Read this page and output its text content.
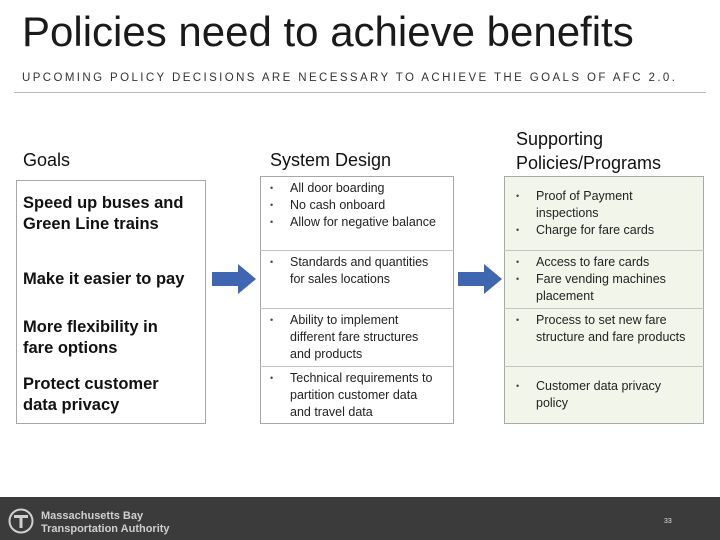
Policies need to achieve benefits
UPCOMING POLICY DECISIONS ARE NECESSARY TO ACHIEVE THE GOALS OF AFC 2.0.
Goals	System Design
Supporting
Policies/Programs
Speed up buses and
Green Line trains
Make it easier to pay
More flexibility in
fare options
Protect customer
data privacy
• All door boarding
• No cash onboard
• Allow for negative balance
• Standards and quantities for sales locations
• Ability to implement different fare structures and products
• Technical requirements to partition customer data and travel data
• Proof of Payment inspections
• Charge for fare cards
• Access to fare cards
• Fare vending machines placement
• Process to set new fare structure and fare products
• Customer data privacy policy
Massachusetts Bay
Transportation Authority
33
